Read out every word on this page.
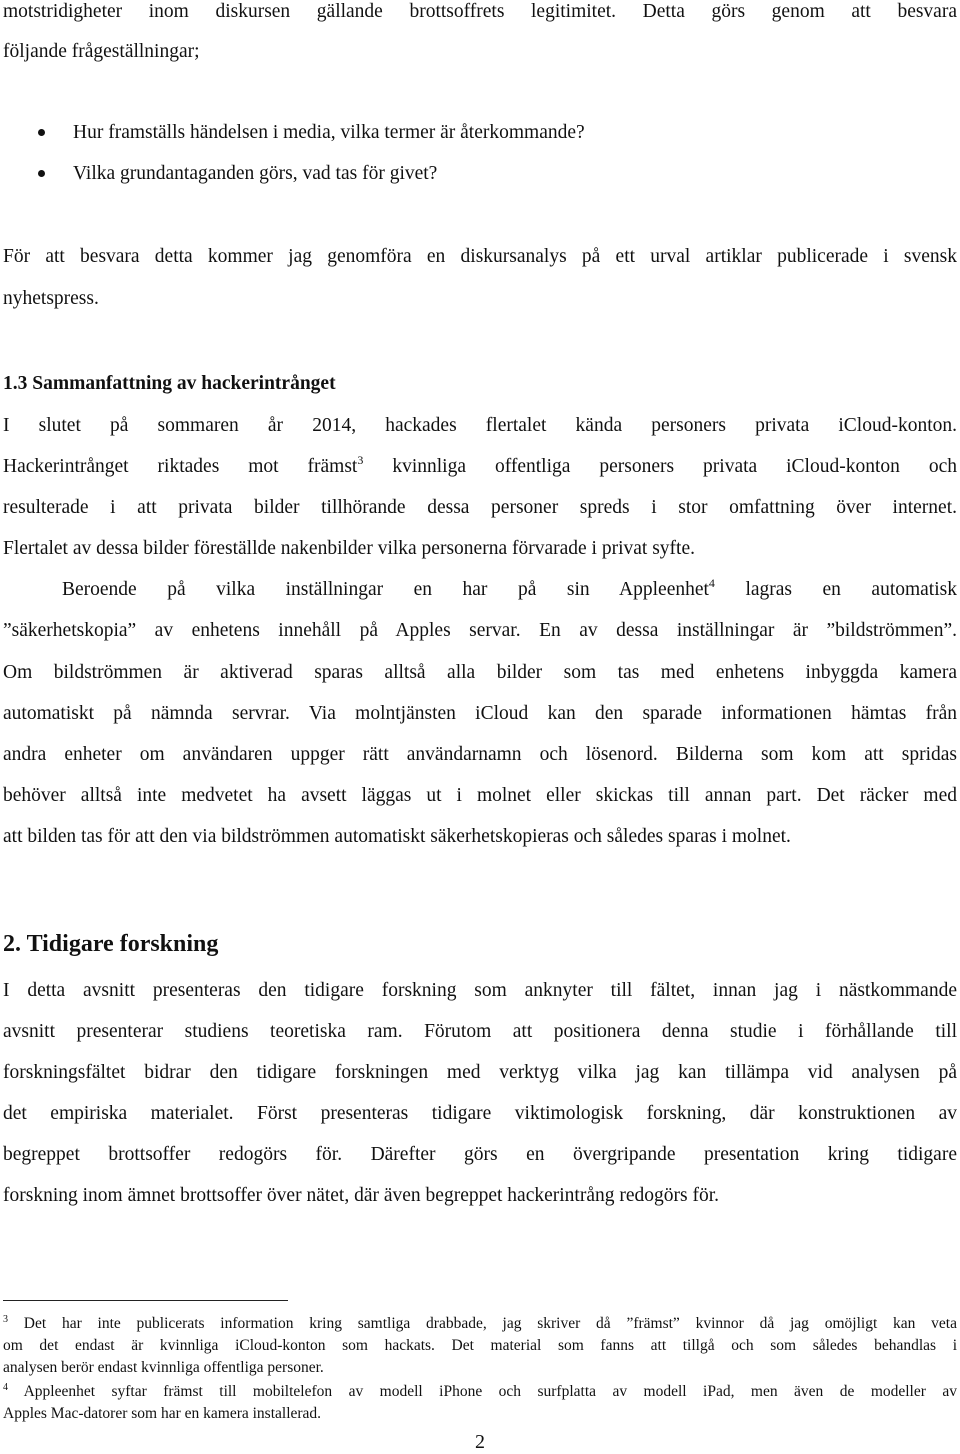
motstridigheter inom diskursen gällande brottsoffrets legitimitet. Detta görs genom att besvara
följande frågeställningar;
Hur framställs händelsen i media, vilka termer är återkommande?
Vilka grundantaganden görs, vad tas för givet?
För att besvara detta kommer jag genomföra en diskursanalys på ett urval artiklar publicerade i svensk
nyhetspress.
1.3 Sammanfattning av hackerintrånget
I slutet på sommaren år 2014, hackades flertalet kända personers privata iCloud-konton.
Hackerintrånget riktades mot främst$^3$ kvinnliga offentliga personers privata iCloud-konton och
resulterade i att privata bilder tillhörande dessa personer spreds i stor omfattning över internet.
Flertalet av dessa bilder föreställde nakenbilder vilka personerna förvarade i privat syfte.
Beroende på vilka inställningar en har på sin Appleenhet$^4$ lagras en automatisk
”säkerhetskopia” av enhetens innehåll på Apples servar. En av dessa inställningar är ”bildströmmen”.
Om bildströmmen är aktiverad sparas alltså alla bilder som tas med enhetens inbyggda kamera
automatiskt på nämnda servrar. Via molntjänsten iCloud kan den sparade informationen hämtas från
andra enheter om användaren uppger rätt användarnamn och lösenord. Bilderna som kom att spridas
behöver alltså inte medvetet ha avsett läggas ut i molnet eller skickas till annan part. Det räcker med
att bilden tas för att den via bildströmmen automatiskt säkerhetskopieras och således sparas i molnet.
2. Tidigare forskning
I detta avsnitt presenteras den tidigare forskning som anknyter till fältet, innan jag i nästkommande
avsnitt presenterar studiens teoretiska ram. Förutom att positionera denna studie i förhållande till
forskningsfältet bidrar den tidigare forskningen med verktyg vilka jag kan tillämpa vid analysen på
det empiriska materialet. Först presenteras tidigare viktimologisk forskning, där konstruktionen av
begreppet brottsoffer redogörs för. Därefter görs en övergripande presentation kring tidigare
forskning inom ämnet brottsoffer över nätet, där även begreppet hackerintrång redogörs för.
$^3$ Det har inte publicerats information kring samtliga drabbade, jag skriver då ”främst” kvinnor då jag omöjligt kan veta
om det endast är kvinnliga iCloud-konton som hackats. Det material som fanns att tillgå och som således behandlas i
analysen berör endast kvinnliga offentliga personer.
$^4$ Appleenhet syftar främst till mobiltelefon av modell iPhone och surfplatta av modell iPad, men även de modeller av
Apples Mac-datorer som har en kamera installerad.
2
